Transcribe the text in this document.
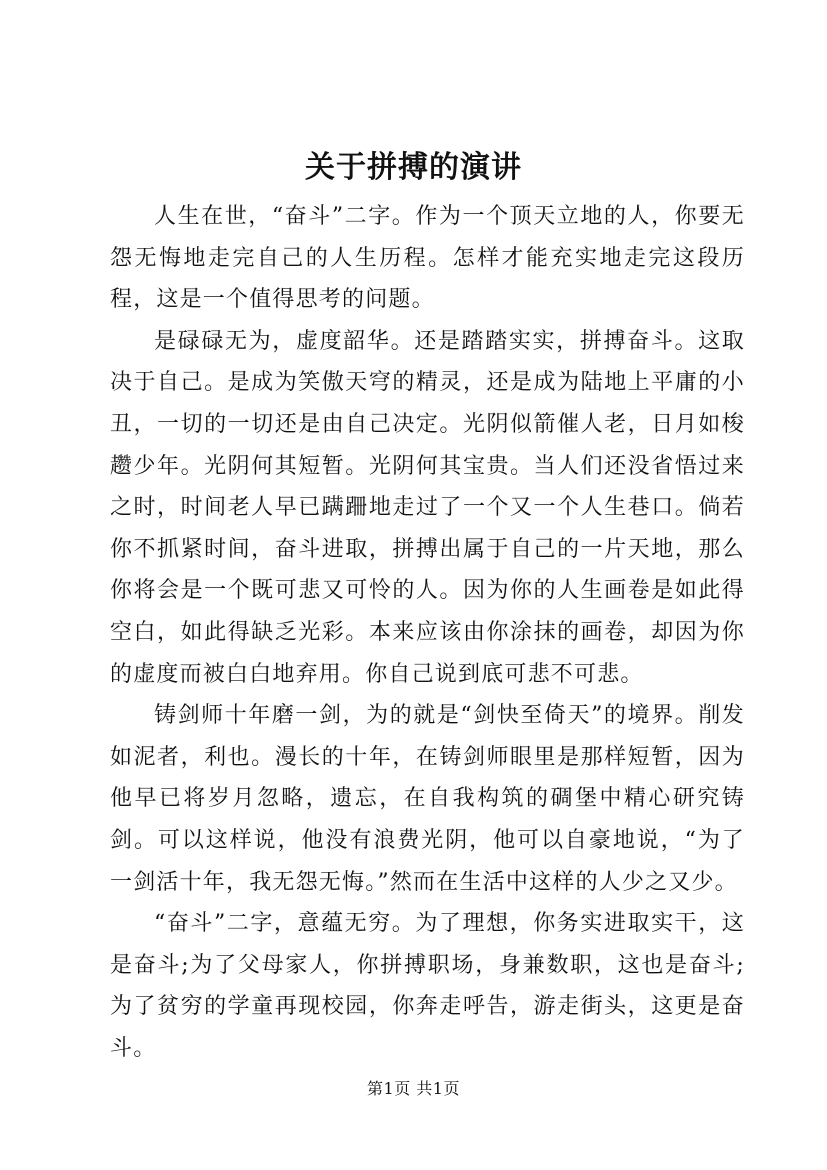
关于拼搏的演讲

人生在世，“奋斗”二字。作为一个顶天立地的人，你要无怨无悔地走完自己的人生历程。怎样才能充实地走完这段历程，这是一个值得思考的问题。

是碌碌无为，虚度韶华。还是踏踏实实，拼搏奋斗。这取决于自己。是成为笑傲天穹的精灵，还是成为陆地上平庸的小丑，一切的一切还是由自己决定。光阴似箭催人老，日月如梭趱少年。光阴何其短暂。光阴何其宝贵。当人们还没省悟过来之时，时间老人早已蹒跚地走过了一个又一个人生巷口。倘若你不抓紧时间，奋斗进取，拼搏出属于自己的一片天地，那么你将会是一个既可悲又可怜的人。因为你的人生画卷是如此得空白，如此得缺乏光彩。本来应该由你涂抹的画卷，却因为你的虚度而被白白地弃用。你自己说到底可悲不可悲。

铸剑师十年磨一剑，为的就是“剑快至倚天”的境界。削发如泥者，利也。漫长的十年，在铸剑师眼里是那样短暂，因为他早已将岁月忽略，遗忘，在自我构筑的碉堡中精心研究铸剑。可以这样说，他没有浪费光阴，他可以自豪地说，“为了一剑活十年，我无怨无悔。”然而在生活中这样的人少之又少。

“奋斗”二字，意蕴无穷。为了理想，你务实进取实干，这是奋斗;为了父母家人，你拼搏职场，身兼数职，这也是奋斗;为了贫穷的学童再现校园，你奔走呼告，游走街头，这更是奋斗。

第1页 共1页
